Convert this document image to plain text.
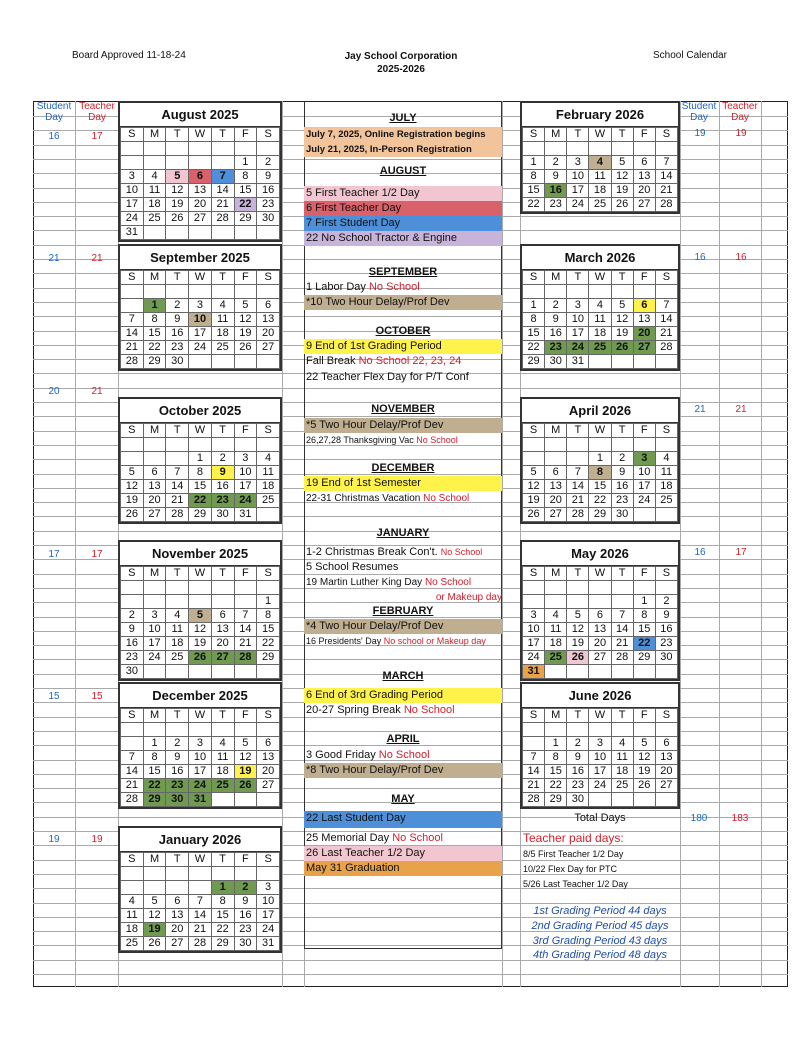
Board Approved 11-18-24	Jay School Corporation
2025-2026
School Calendar
Student Day
Teacher Day
Student Day
Teacher Day
16	17
21	21
20	21
17	17
15	15
19	19
19	19
16	16
21	21
16	17
August 2025
S	M	T	W	T	F	S

					1	2
3	4	5	6	7	8	9
10	11	12	13	14	15	16
17	18	19	20	21	22	23
24	25	26	27	28	29	30
31						
September 2025
S	M	T	W	T	F	S

	1	2	3	4	5	6
7	8	9	10	11	12	13
14	15	16	17	18	19	20
21	22	23	24	25	26	27
28	29	30				
October 2025
S	M	T	W	T	F	S

			1	2	3	4
5	6	7	8	9	10	11
12	13	14	15	16	17	18
19	20	21	22	23	24	25
26	27	28	29	30	31	
November 2025
S	M	T	W	T	F	S

						1
2	3	4	5	6	7	8
9	10	11	12	13	14	15
16	17	18	19	20	21	22
23	24	25	26	27	28	29
30						
December 2025
S	M	T	W	T	F	S

	1	2	3	4	5	6
7	8	9	10	11	12	13
14	15	16	17	18	19	20
21	22	23	24	25	26	27
28	29	30	31			
January 2026
S	M	T	W	T	F	S

				1	2	3
4	5	6	7	8	9	10
11	12	13	14	15	16	17
18	19	20	21	22	23	24
25	26	27	28	29	30	31
February 2026
S	M	T	W	T	F	S

1	2	3	4	5	6	7
8	9	10	11	12	13	14
15	16	17	18	19	20	21
22	23	24	25	26	27	28
March 2026
S	M	T	W	T	F	S

1	2	3	4	5	6	7
8	9	10	11	12	13	14
15	16	17	18	19	20	21
22	23	24	25	26	27	28
29	30	31				
April 2026
S	M	T	W	T	F	S

			1	2	3	4
5	6	7	8	9	10	11
12	13	14	15	16	17	18
19	20	21	22	23	24	25
26	27	28	29	30		
May 2026
S	M	T	W	T	F	S

					1	2
3	4	5	6	7	8	9
10	11	12	13	14	15	16
17	18	19	20	21	22	23
24	25	26	27	28	29	30
31						
June 2026
S	M	T	W	T	F	S

	1	2	3	4	5	6
7	8	9	10	11	12	13
14	15	16	17	18	19	20
21	22	23	24	25	26	27
28	29	30				
JULY
July 7, 2025, Online Registration begins
July 21, 2025, In-Person Registration
AUGUST
5 First Teacher 1/2 Day
6 First Teacher Day
7 First Student Day
22 No School Tractor & Engine
SEPTEMBER
1 Labor Day No School
*10 Two Hour Delay/Prof Dev
OCTOBER
9 End of 1st Grading Period
Fall Break No School 22, 23, 24
22 Teacher Flex Day for P/T Conf
NOVEMBER
*5 Two Hour Delay/Prof Dev
26,27,28 Thanksgiving Vac No School
DECEMBER
19 End of 1st Semester
22-31 Christmas Vacation No School
JANUARY
1-2 Christmas Break Con't. No School
5 School Resumes
19 Martin Luther King Day No School
or Makeup day
FEBRUARY
*4 Two Hour Delay/Prof Dev
16 Presidents' Day No school or Makeup day
MARCH
6 End of 3rd Grading Period
20-27 Spring Break No School
APRIL
3 Good Friday No School
*8 Two Hour Delay/Prof Dev
MAY
22 Last Student Day
25 Memorial Day No School
26 Last Teacher 1/2 Day
May 31 Graduation
Total Days	180	183
Teacher paid days:
8/5 First Teacher 1/2 Day
10/22 Flex Day for PTC
5/26 Last Teacher 1/2 Day
1st Grading Period 44 days
2nd Grading Period 45 days
3rd Grading Period 43 days
4th Grading Period 48 days
